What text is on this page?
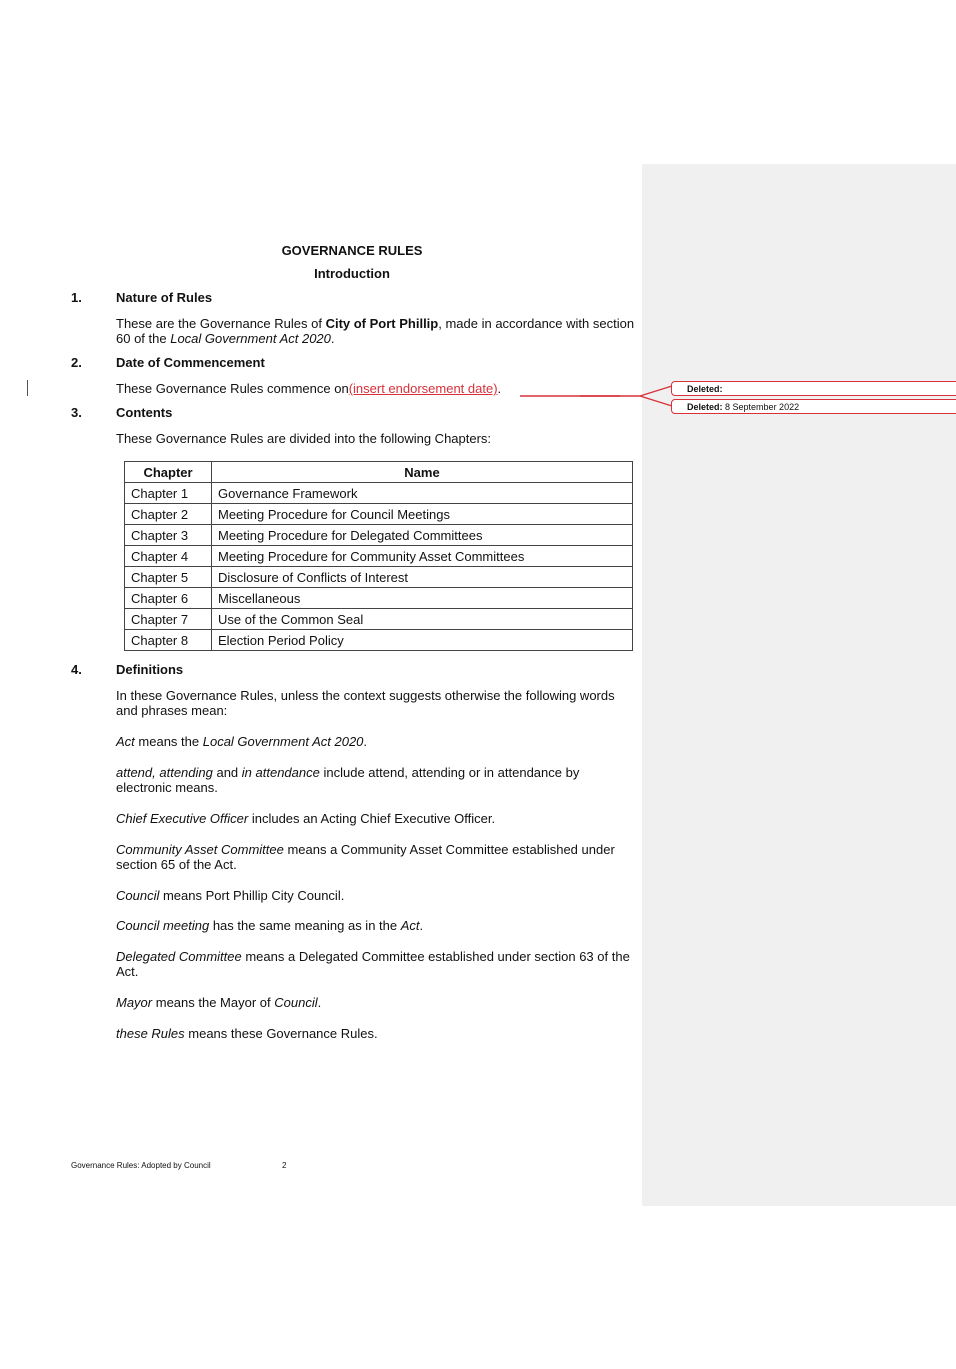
GOVERNANCE RULES
Introduction
1.	Nature of Rules
These are the Governance Rules of City of Port Phillip, made in accordance with section 60 of the Local Government Act 2020.
2.	Date of Commencement
These Governance Rules commence on(insert endorsement date).	Deleted:
Deleted: 8 September 2022
3.	Contents
These Governance Rules are divided into the following Chapters:
Chapter	Name
Chapter 1	Governance Framework
Chapter 2	Meeting Procedure for Council Meetings
Chapter 3	Meeting Procedure for Delegated Committees
Chapter 4	Meeting Procedure for Community Asset Committees
Chapter 5	Disclosure of Conflicts of Interest
Chapter 6	Miscellaneous
Chapter 7	Use of the Common Seal
Chapter 8	Election Period Policy
4.	Definitions
In these Governance Rules, unless the context suggests otherwise the following words and phrases mean:
Act means the Local Government Act 2020.
attend, attending and in attendance include attend, attending or in attendance by electronic means.
Chief Executive Officer includes an Acting Chief Executive Officer.
Community Asset Committee means a Community Asset Committee established under section 65 of the Act.
Council means Port Phillip City Council.
Council meeting has the same meaning as in the Act.
Delegated Committee means a Delegated Committee established under section 63 of the Act.
Mayor means the Mayor of Council.
these Rules means these Governance Rules.
Governance Rules: Adopted by Council	2
